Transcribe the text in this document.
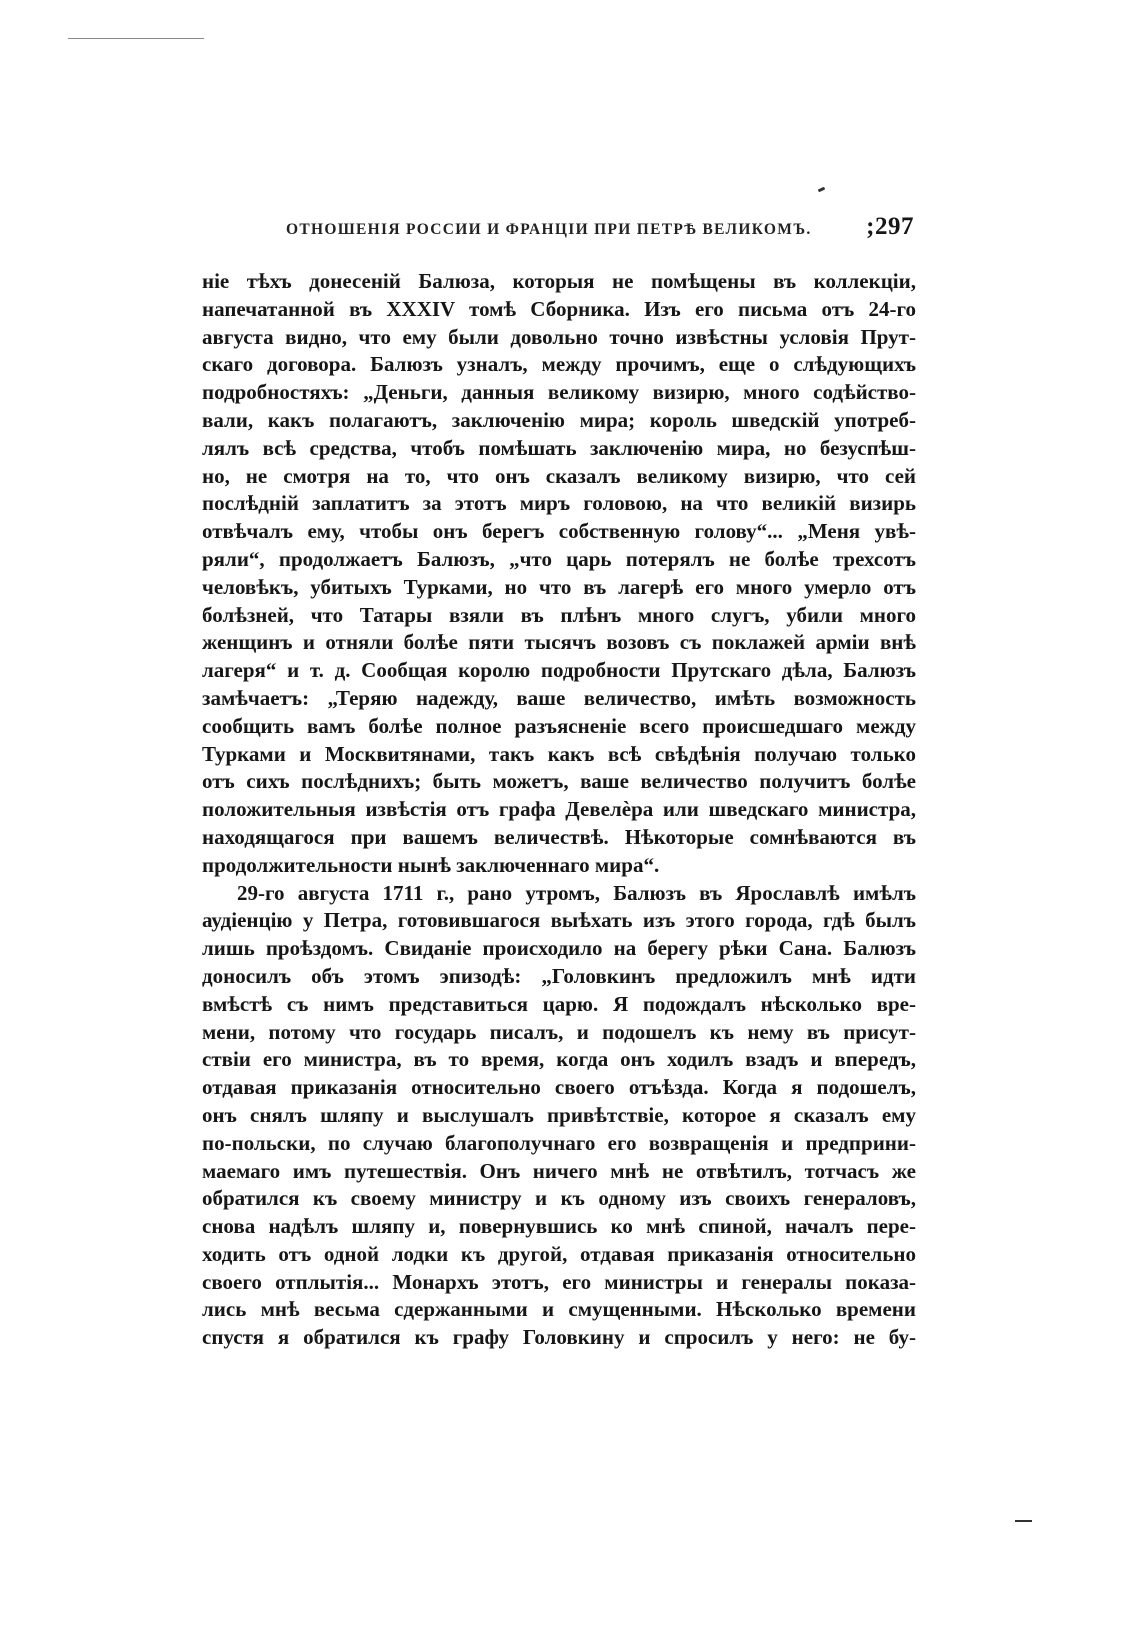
ОТНОШЕНІЯ РОССИИ И ФРАНЦІИ ПРИ ПЕТРѢ ВЕЛИКОМЪ. ;297
ніе тѣхъ донесеній Балюза, которыя не помѣщены въ коллекціи,
напечатанной въ XXXIV томѣ Сборника. Изъ его письма отъ 24-го
августа видно, что ему были довольно точно извѣстны условія Прут-
скаго договора. Балюзъ узналъ, между прочимъ, еще о слѣдующихъ
подробностяхъ: „Деньги, данныя великому визирю, много содѣйство-
вали, какъ полагаютъ, заключенію мира; король шведскій употреб-
лялъ всѣ средства, чтобъ помѣшать заключенію мира, но безуспѣш-
но, не смотря на то, что онъ сказалъ великому визирю, что сей
послѣдній заплатитъ за этотъ миръ головою, на что великій визирь
отвѣчалъ ему, чтобы онъ берегъ собственную голову“... „Меня увѣ-
ряли“, продолжаетъ Балюзъ, „что царь потерялъ не болѣе трехсотъ
человѣкъ, убитыхъ Турками, но что въ лагерѣ его много умерло отъ
болѣзней, что Татары взяли въ плѣнъ много слугъ, убили много
женщинъ и отняли болѣе пяти тысячъ возовъ съ поклажей арміи внѣ
лагеря“ и т. д. Сообщая королю подробности Прутскаго дѣла, Балюзъ
замѣчаетъ: „Теряю надежду, ваше величество, имѣть возможность
сообщить вамъ болѣе полное разъясненіе всего происшедшаго между
Турками и Москвитянами, такъ какъ всѣ свѣдѣнія получаю только
отъ сихъ послѣднихъ; быть можетъ, ваше величество получитъ болѣе
положительныя извѣстія отъ графа Девелѐра или шведскаго министра,
находящагося при вашемъ величествѣ. Нѣкоторые сомнѣваются въ
продолжительности нынѣ заключеннаго мира“.
29-го августа 1711 г., рано утромъ, Балюзъ въ Ярославлѣ имѣлъ
аудіенцію у Петра, готовившагося выѣхать изъ этого города, гдѣ былъ
лишь проѣздомъ. Свиданіе происходило на берегу рѣки Сана. Балюзъ
доносилъ объ этомъ эпизодѣ: „Головкинъ предложилъ мнѣ идти
вмѣстѣ съ нимъ представиться царю. Я подождалъ нѣсколько вре-
мени, потому что государь писалъ, и подошелъ къ нему въ присут-
ствіи его министра, въ то время, когда онъ ходилъ взадъ и впередъ,
отдавая приказанія относительно своего отъѣзда. Когда я подошелъ,
онъ снялъ шляпу и выслушалъ привѣтствіе, которое я сказалъ ему
по-польски, по случаю благополучнаго его возвращенія и предприни-
маемаго имъ путешествія. Онъ ничего мнѣ не отвѣтилъ, тотчасъ же
обратился къ своему министру и къ одному изъ своихъ генераловъ,
снова надѣлъ шляпу и, повернувшись ко мнѣ спиной, началъ пере-
ходить отъ одной лодки къ другой, отдавая приказанія относительно
своего отплытія... Монархъ этотъ, его министры и генералы показа-
лись мнѣ весьма сдержанными и смущенными. Нѣсколько времени
спустя я обратился къ графу Головкину и спросилъ у него: не бу-
